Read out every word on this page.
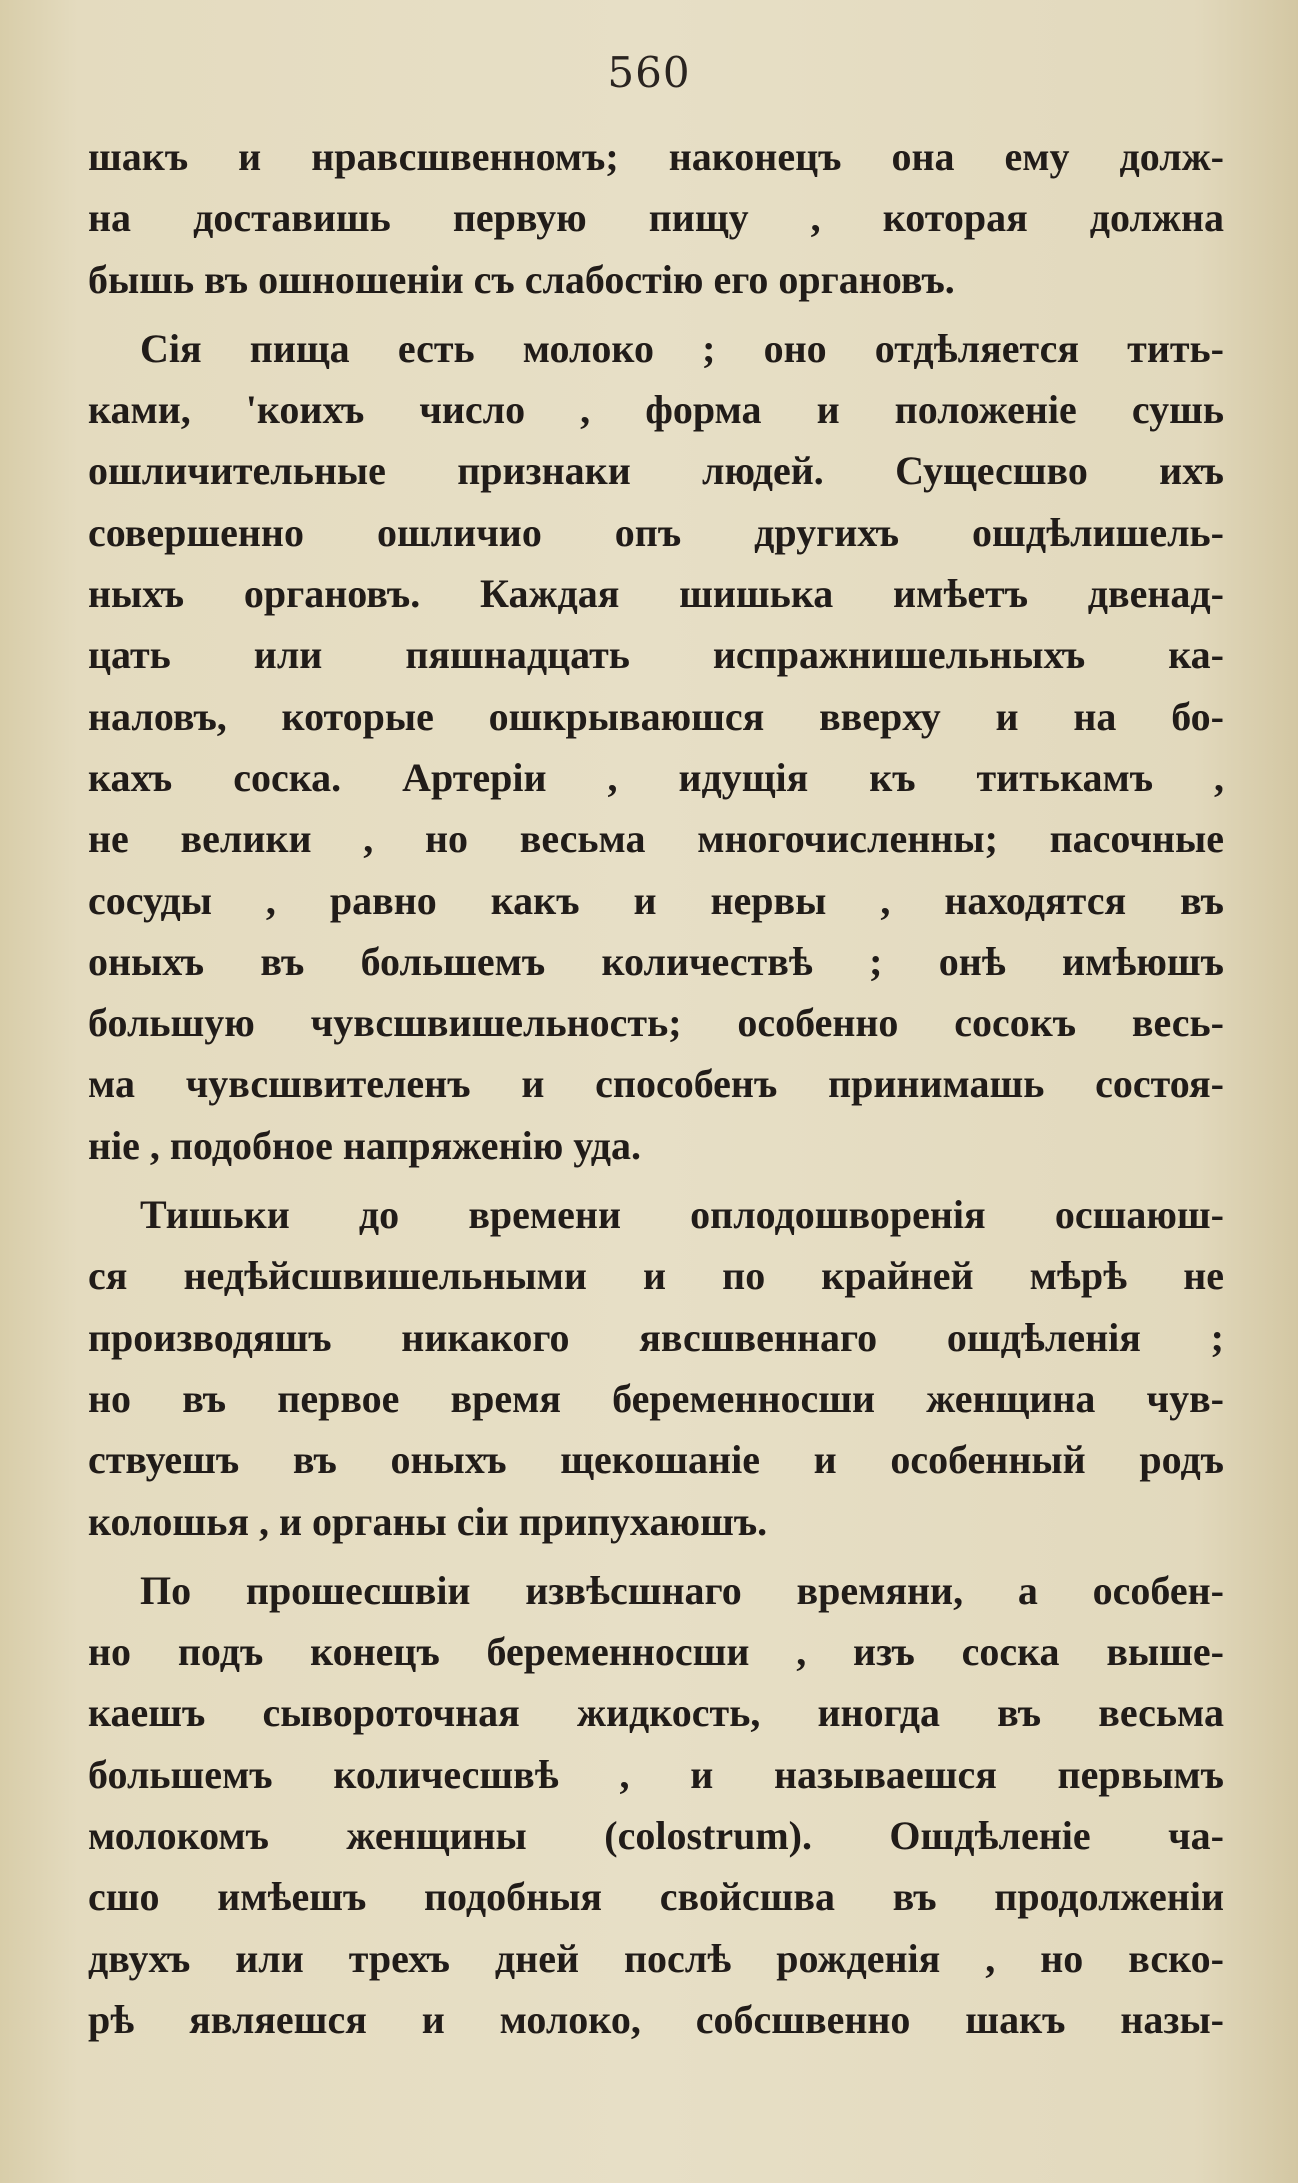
560
шакъ и нравсшвенномъ; наконецъ она ему долж-
на доставишь первую пищу , которая должна
бышь въ ошношеніи съ слабостію его органовъ.
Сія пища есть молоко ; оно отдѣляется тить-
ками, 'коихъ число , форма и положеніе сушь
ошличительные признаки людей. Сущесшво ихъ
совершенно ошличио опъ другихъ ошдѣлишель-
ныхъ органовъ. Каждая шишька имѣетъ двенад-
цать или пяшнадцать испражнишельныхъ ка-
наловъ, которые ошкрываюшся вверху и на бо-
кахъ соска. Артеріи , идущія къ титькамъ ,
не велики , но весьма многочисленны; пасочные
сосуды , равно какъ и нервы , находятся въ
оныхъ въ большемъ количествѣ ; онѣ имѣюшъ
большую чувсшвишельность; особенно сосокъ весь-
ма чувсшвителенъ и способенъ принимашь состоя-
ніе , подобное напряженію уда.
Тишьки до времени оплодошворенія осшаюш-
ся недѣйсшвишельными и по крайней мѣрѣ не
производяшъ никакого явсшвеннаго ошдѣленія ;
но въ первое время беременносши женщина чув-
ствуешъ въ оныхъ щекошаніе и особенный родъ
колошья , и органы сіи припухаюшъ.
По прошесшвіи извѣсшнаго времяни, а особен-
но подъ конецъ беременносши , изъ соска выше-
каешъ сывороточная жидкость, иногда въ весьма
большемъ количесшвѣ , и называешся первымъ
молокомъ женщины (colostrum). Ошдѣленіе ча-
сшо имѣешъ подобныя свойсшва въ продолженіи
двухъ или трехъ дней послѣ рожденія , но вско-
рѣ являешся и молоко, собсшвенно шакъ назы-
